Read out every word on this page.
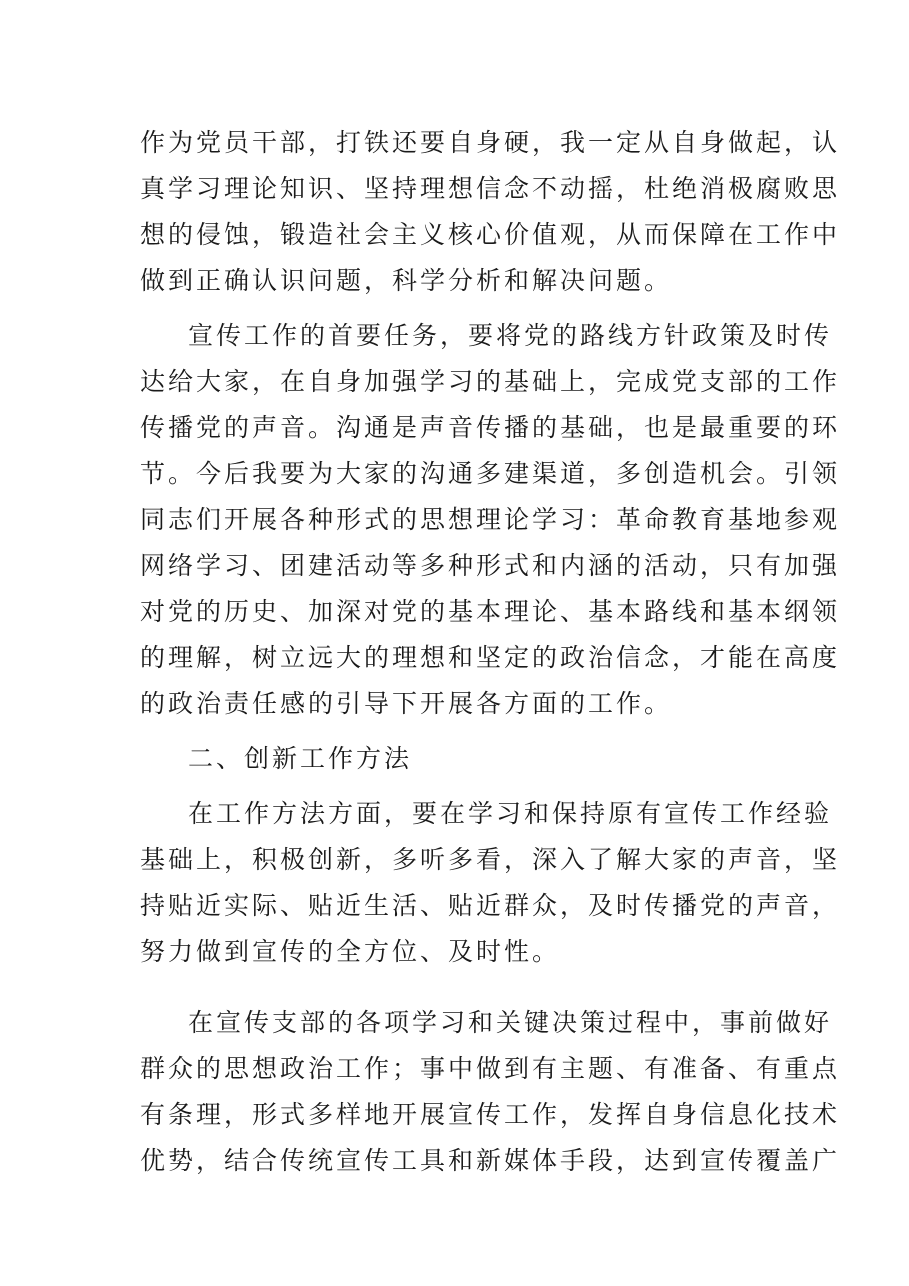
作为党员干部，打铁还要自身硬，我一定从自身做起，认
真学习理论知识、坚持理想信念不动摇，杜绝消极腐败思
想的侵蚀，锻造社会主义核心价值观，从而保障在工作中
做到正确认识问题，科学分析和解决问题。
宣传工作的首要任务，要将党的路线方针政策及时传
达给大家，在自身加强学习的基础上，完成党支部的工作
传播党的声音。沟通是声音传播的基础，也是最重要的环
节。今后我要为大家的沟通多建渠道，多创造机会。引领
同志们开展各种形式的思想理论学习：革命教育基地参观
网络学习、团建活动等多种形式和内涵的活动，只有加强
对党的历史、加深对党的基本理论、基本路线和基本纲领
的理解，树立远大的理想和坚定的政治信念，才能在高度
的政治责任感的引导下开展各方面的工作。
二、创新工作方法
在工作方法方面，要在学习和保持原有宣传工作经验
基础上，积极创新，多听多看，深入了解大家的声音，坚
持贴近实际、贴近生活、贴近群众，及时传播党的声音，
努力做到宣传的全方位、及时性。
在宣传支部的各项学习和关键决策过程中，事前做好
群众的思想政治工作；事中做到有主题、有准备、有重点
有条理，形式多样地开展宣传工作，发挥自身信息化技术
优势，结合传统宣传工具和新媒体手段，达到宣传覆盖广
